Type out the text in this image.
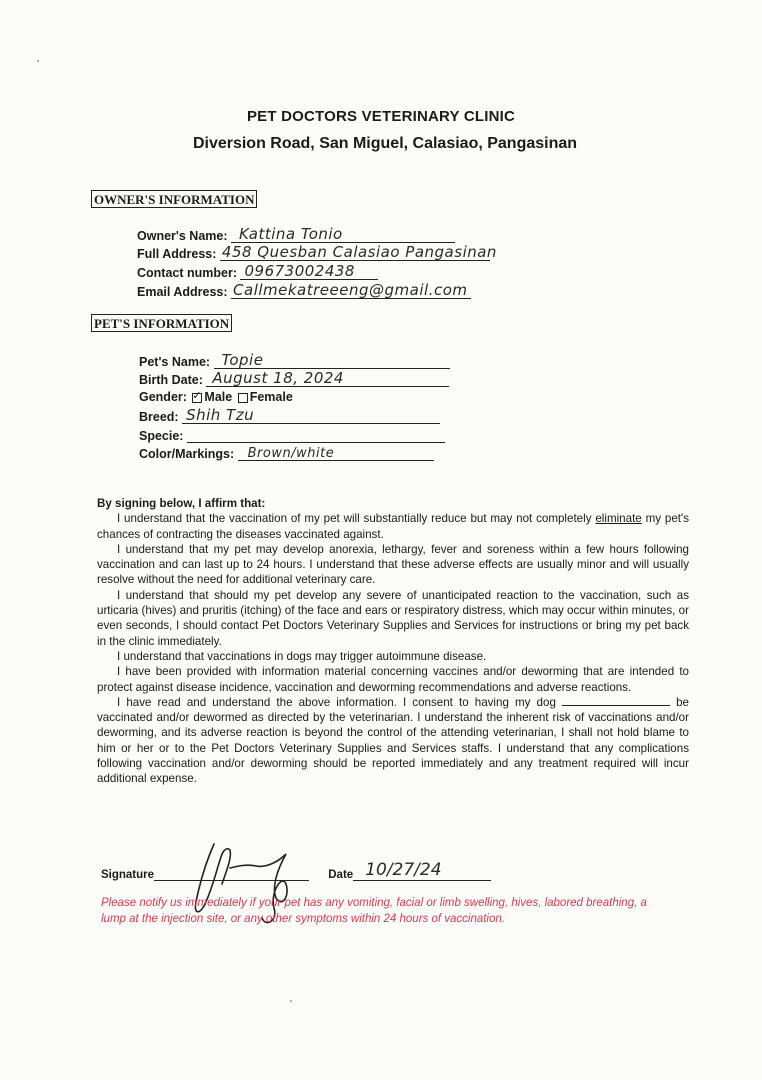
PET DOCTORS VETERINARY CLINIC
Diversion Road, San Miguel, Calasiao, Pangasinan
OWNER'S INFORMATION
Owner's Name: Kattina Tonio
Full Address: 458 Quesban Calasiao Pangasinan
Contact number: 09673002438
Email Address: Callmekatreeeng@gmail.com
PET'S INFORMATION
Pet's Name: Topie
Birth Date: August 18, 2024
Gender: ✓ Male Female
Breed: Shih Tzu
Specie:
Color/Markings: Brown/white

By signing below, I affirm that:

I understand that the vaccination of my pet will substantially reduce but may not completely eliminate my pet's chances of contracting the diseases vaccinated against.

I understand that my pet may develop anorexia, lethargy, fever and soreness within a few hours following vaccination and can last up to 24 hours. I understand that these adverse effects are usually minor and will usually resolve without the need for additional veterinary care.

I understand that should my pet develop any severe of unanticipated reaction to the vaccination, such as urticaria (hives) and pruritis (itching) of the face and ears or respiratory distress, which may occur within minutes, or even seconds, I should contact Pet Doctors Veterinary Supplies and Services for instructions or bring my pet back in the clinic immediately.

I understand that vaccinations in dogs may trigger autoimmune disease.

I have been provided with information material concerning vaccines and/or deworming that are intended to protect against disease incidence, vaccination and deworming recommendations and adverse reactions.

I have read and understand the above information. I consent to having my dog	be vaccinated and/or dewormed as directed by the veterinarian. I understand the inherent risk of vaccinations and/or deworming, and its adverse reaction is beyond the control of the attending veterinarian, I shall not hold blame to him or her or to the Pet Doctors Veterinary Supplies and Services staffs. I understand that any complications following vaccination and/or deworming should be reported immediately and any treatment required will incur additional expense.

Signature	Date 10/27/24
Please notify us immediately if your pet has any vomiting, facial or limb swelling, hives, labored breathing, a lump at the injection site, or any other symptoms within 24 hours of vaccination.
